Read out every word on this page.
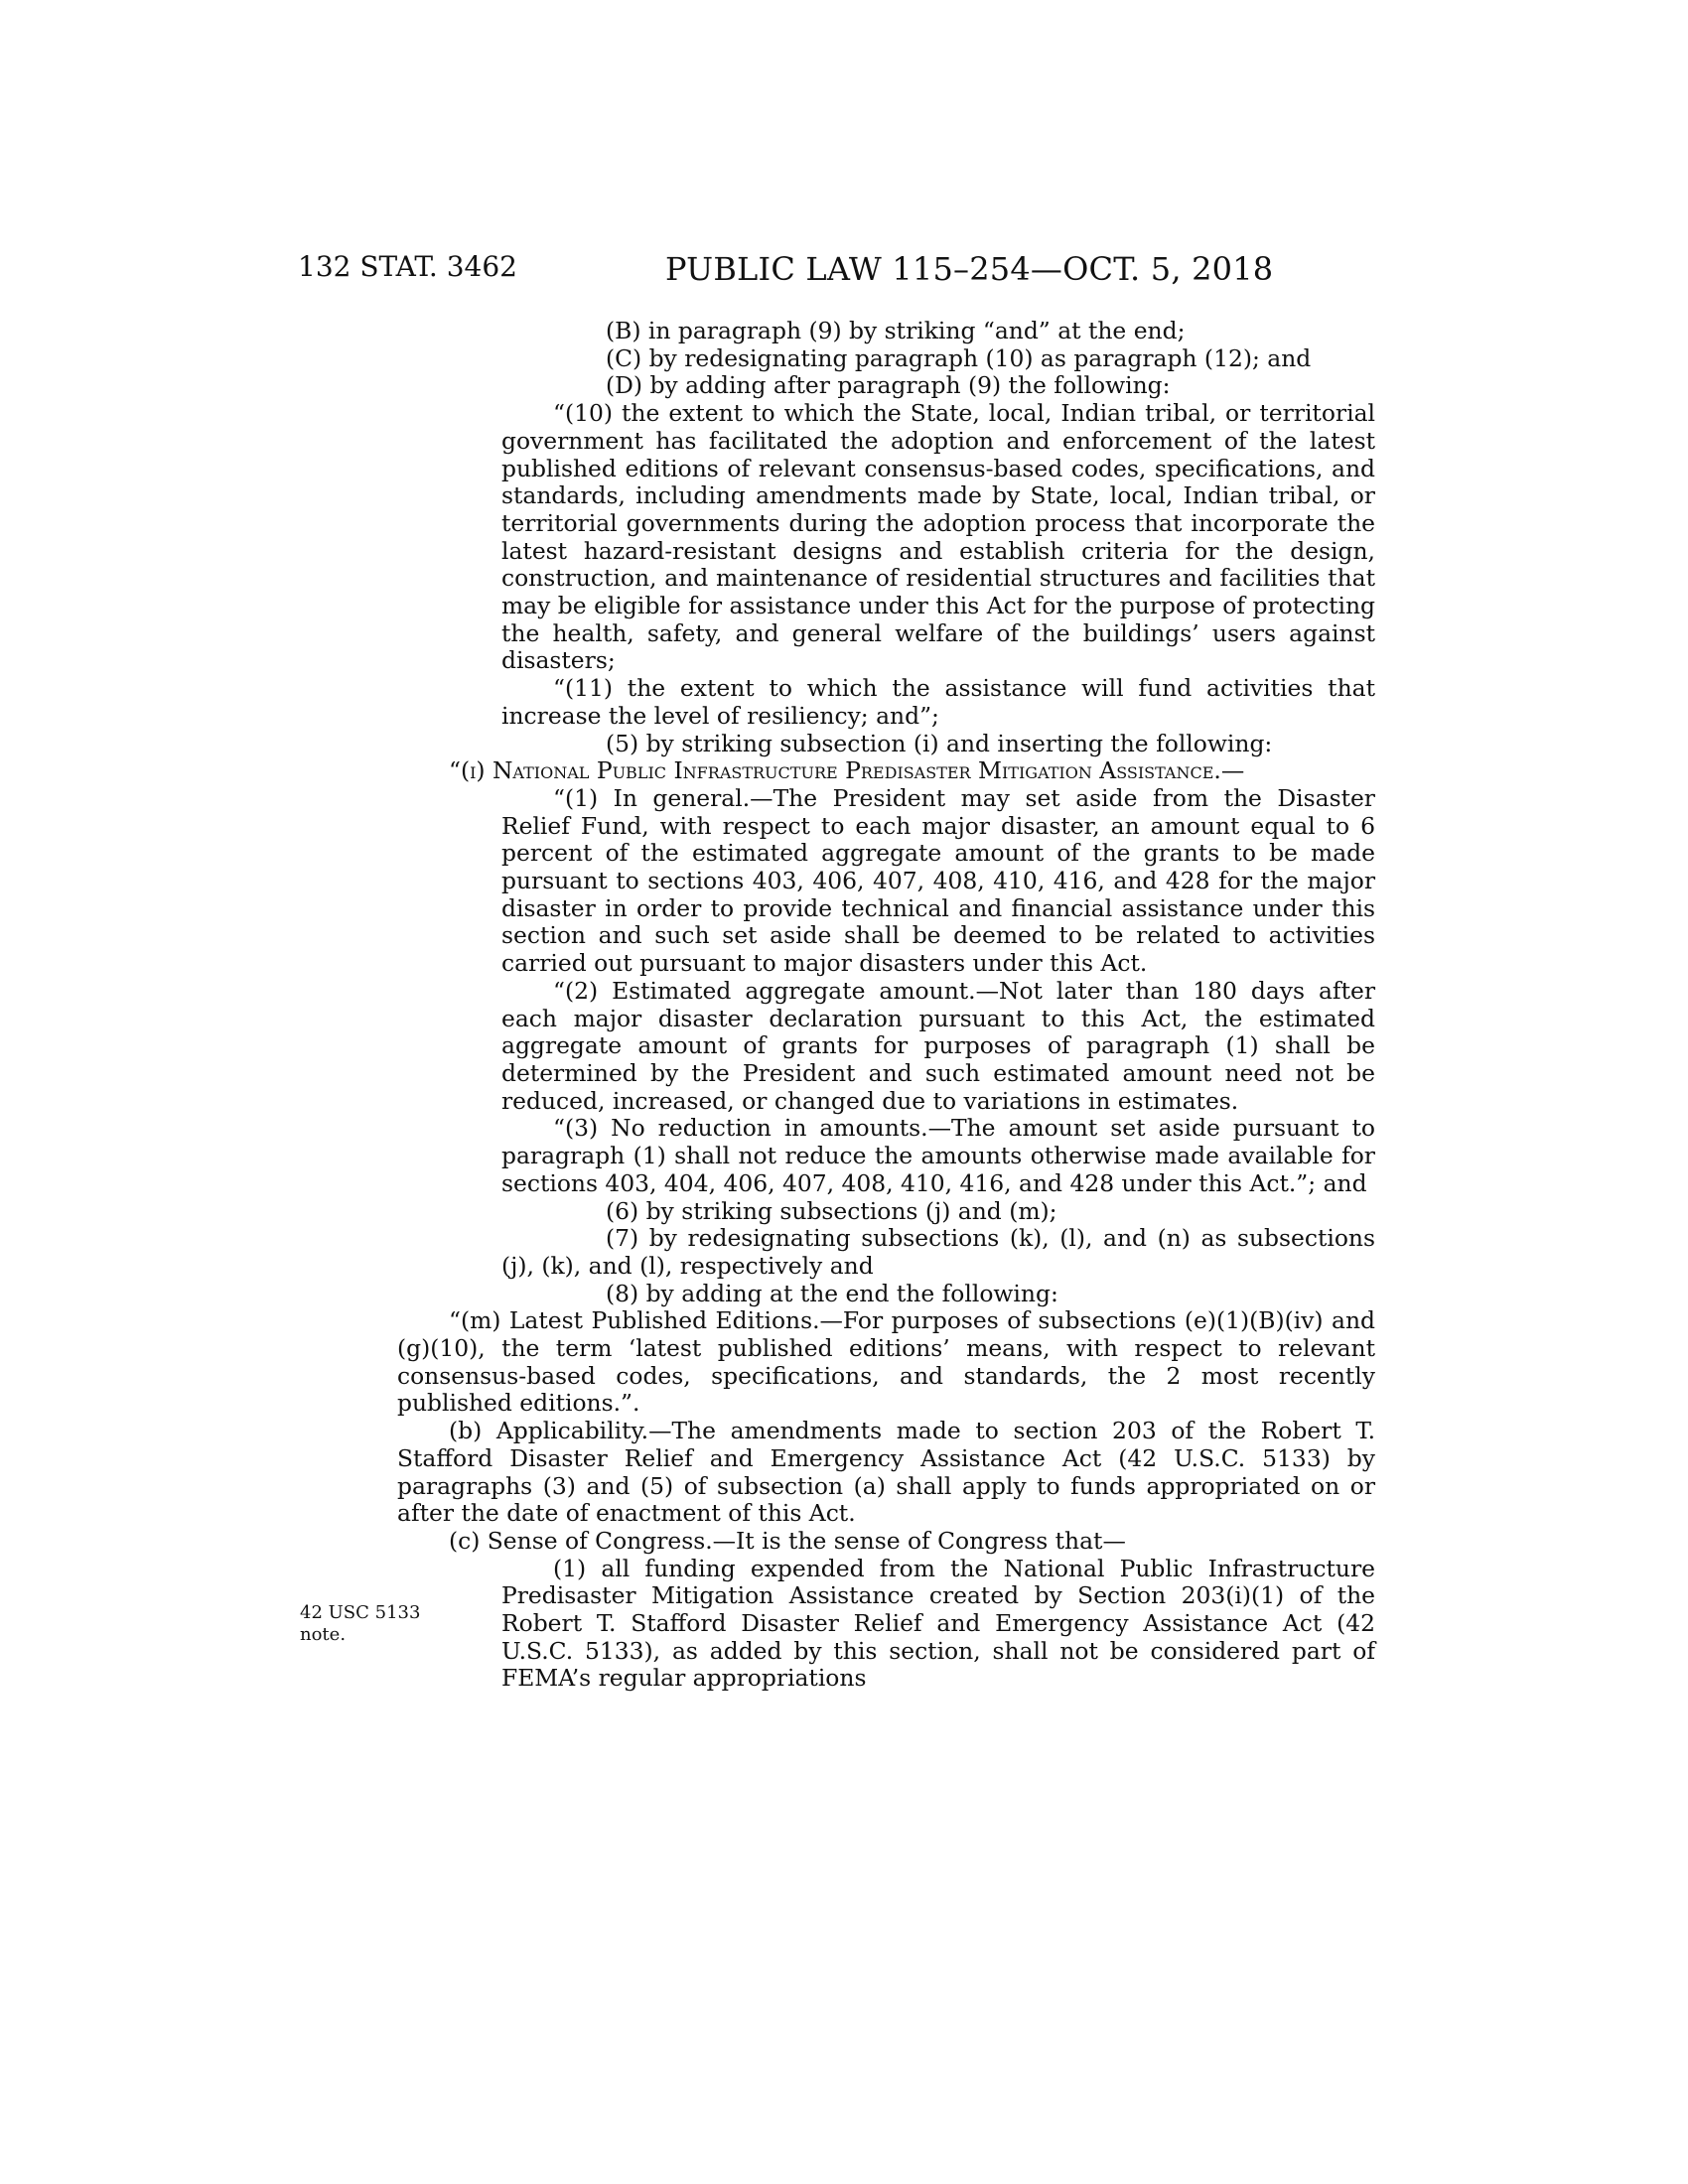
132 STAT. 3462	PUBLIC LAW 115–254—OCT. 5, 2018
42 USC 5133
note.

(B) in paragraph (9) by striking “and” at the end;

(C) by redesignating paragraph (10) as paragraph (12); and

(D) by adding after paragraph (9) the following:

“(10) the extent to which the State, local, Indian tribal, or territorial government has facilitated the adoption and enforcement of the latest published editions of relevant consensus-based codes, specifications, and standards, including amendments made by State, local, Indian tribal, or territorial governments during the adoption process that incorporate the latest hazard-resistant designs and establish criteria for the design, construction, and maintenance of residential structures and facilities that may be eligible for assistance under this Act for the purpose of protecting the health, safety, and general welfare of the buildings’ users against disasters;

“(11) the extent to which the assistance will fund activities that increase the level of resiliency; and”;

(5) by striking subsection (i) and inserting the following:

“(i) National Public Infrastructure Predisaster Mitigation Assistance.—

“(1) In general.—The President may set aside from the Disaster Relief Fund, with respect to each major disaster, an amount equal to 6 percent of the estimated aggregate amount of the grants to be made pursuant to sections 403, 406, 407, 408, 410, 416, and 428 for the major disaster in order to provide technical and financial assistance under this section and such set aside shall be deemed to be related to activities carried out pursuant to major disasters under this Act.

“(2) Estimated aggregate amount.—Not later than 180 days after each major disaster declaration pursuant to this Act, the estimated aggregate amount of grants for purposes of paragraph (1) shall be determined by the President and such estimated amount need not be reduced, increased, or changed due to variations in estimates.

“(3) No reduction in amounts.—The amount set aside pursuant to paragraph (1) shall not reduce the amounts otherwise made available for sections 403, 404, 406, 407, 408, 410, 416, and 428 under this Act.”; and

(6) by striking subsections (j) and (m);

(7) by redesignating subsections (k), (l), and (n) as subsections (j), (k), and (l), respectively and

(8) by adding at the end the following:

“(m) Latest Published Editions.—For purposes of subsections (e)(1)(B)(iv) and (g)(10), the term ‘latest published editions’ means, with respect to relevant consensus-based codes, specifications, and standards, the 2 most recently published editions.”.

(b) Applicability.—The amendments made to section 203 of the Robert T. Stafford Disaster Relief and Emergency Assistance Act (42 U.S.C. 5133) by paragraphs (3) and (5) of subsection (a) shall apply to funds appropriated on or after the date of enactment of this Act.

(c) Sense of Congress.—It is the sense of Congress that—

(1) all funding expended from the National Public Infrastructure Predisaster Mitigation Assistance created by Section 203(i)(1) of the Robert T. Stafford Disaster Relief and Emergency Assistance Act (42 U.S.C. 5133), as added by this section, shall not be considered part of FEMA’s regular appropriations
